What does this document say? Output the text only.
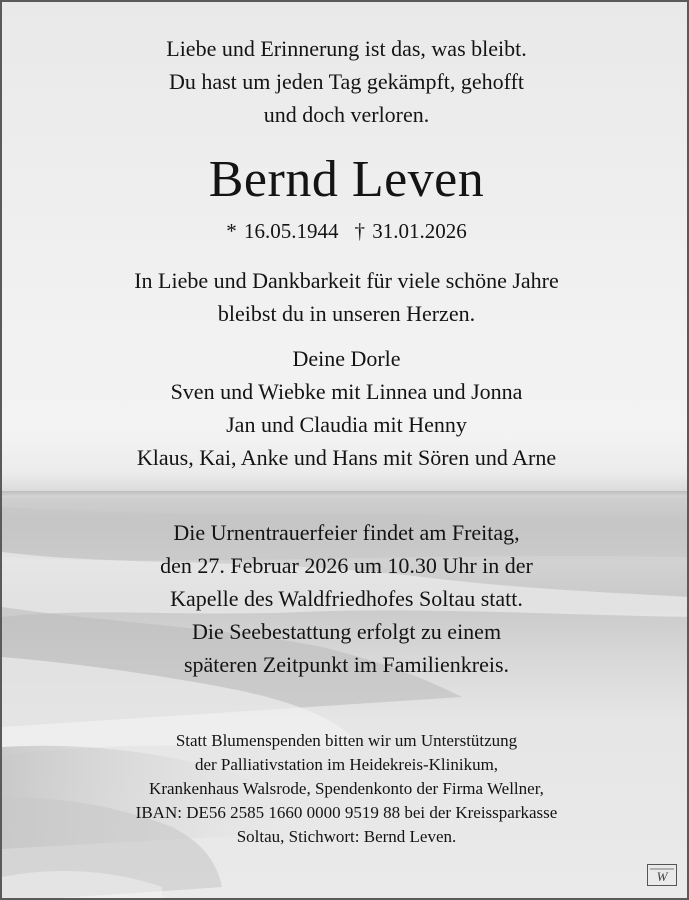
Liebe und Erinnerung ist das, was bleibt.
Du hast um jeden Tag gekämpft, gehofft
und doch verloren.

Bernd Leven

* 16.05.1944 † 31.01.2026

In Liebe und Dankbarkeit für viele schöne Jahre
bleibst du in unseren Herzen.

Deine Dorle
Sven und Wiebke mit Linnea und Jonna
Jan und Claudia mit Henny
Klaus, Kai, Anke und Hans mit Sören und Arne

Die Urnentrauerfeier findet am Freitag,
den 27. Februar 2026 um 10.30 Uhr in der
Kapelle des Waldfriedhofes Soltau statt.
Die Seebestattung erfolgt zu einem
späteren Zeitpunkt im Familienkreis.

Statt Blumenspenden bitten wir um Unterstützung
der Palliativstation im Heidekreis-Klinikum,
Krankenhaus Walsrode, Spendenkonto der Firma Wellner,
IBAN: DE56 2585 1660 0000 9519 88 bei der Kreissparkasse
Soltau, Stichwort: Bernd Leven.

W
